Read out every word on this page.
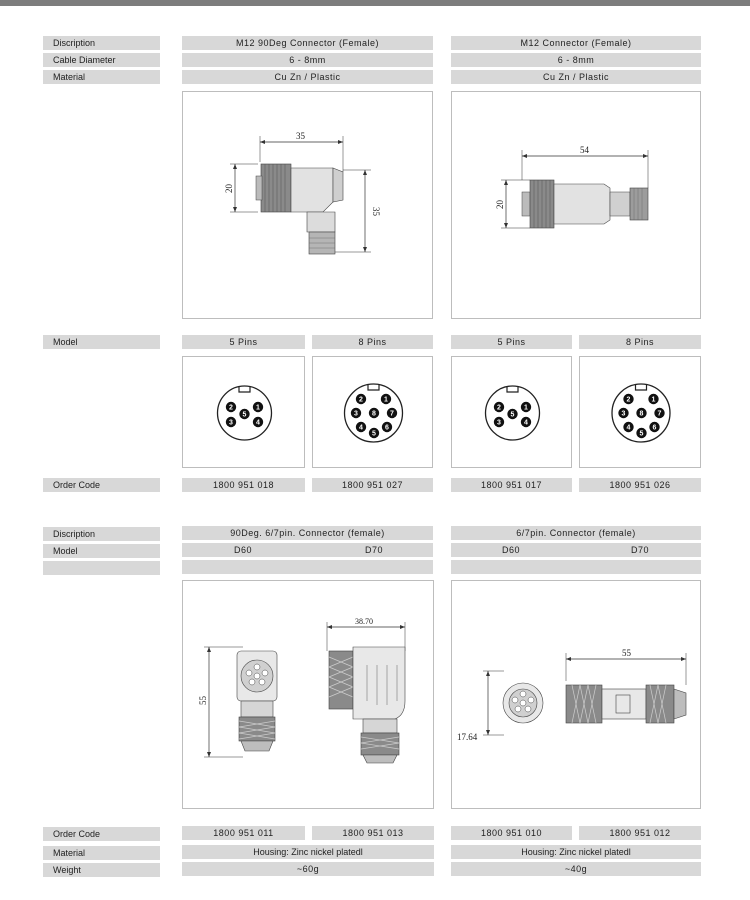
Discription	M12 90Deg Connector (Female)	M12 Connector (Female)
Cable Diameter	6 - 8mm	6 - 8mm
Material	Cu Zn / Plastic	Cu Zn / Plastic
35
20
35
54
20
Model	5 Pins	8 Pins	5 Pins	8 Pins
1
2
3	4
5
1
2
3
4
5
6
7
8
1
2
3	4
5
1
2
3
4
5
6
7
8
Order Code	1800 951 018	1800 951 027	1800 951 017	1800 951 026
Discription	90Deg. 6/7pin. Connector (female)	6/7pin. Connector (female)
Model	D60	D70	D60	D70
55
38.70
55
17.64
Order Code	1800 951 011	1800 951 013	1800 951 010	1800 951 012
Material	Housing: Zinc nickel platedl	Housing: Zinc nickel platedl
Weight	~60g	~40g
